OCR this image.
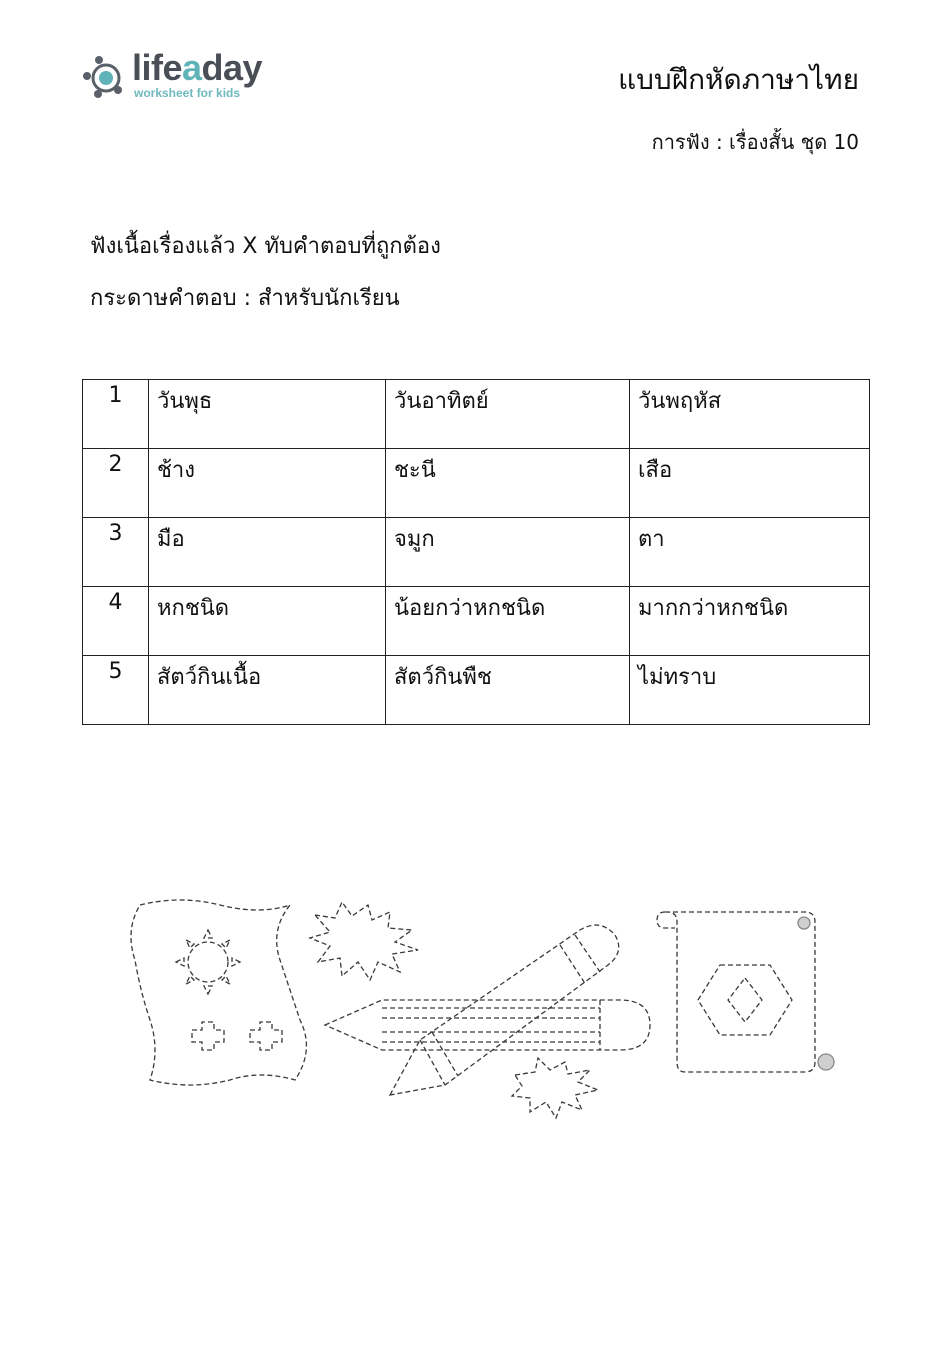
lifeaday
worksheet for kids	แบบฝึกหัดภาษาไทย
การฟัง : เรื่องสั้น ชุด 10
ฟังเนื้อเรื่องแล้ว X ทับคำตอบที่ถูกต้อง
กระดาษคำตอบ : สำหรับนักเรียน
1	วันพุธ	วันอาทิตย์	วันพฤหัส
2	ช้าง	ชะนี	เสือ
3	มือ	จมูก	ตา
4	หกชนิด	น้อยกว่าหกชนิด	มากกว่าหกชนิด
5	สัตว์กินเนื้อ	สัตว์กินพืช	ไม่ทราบ
